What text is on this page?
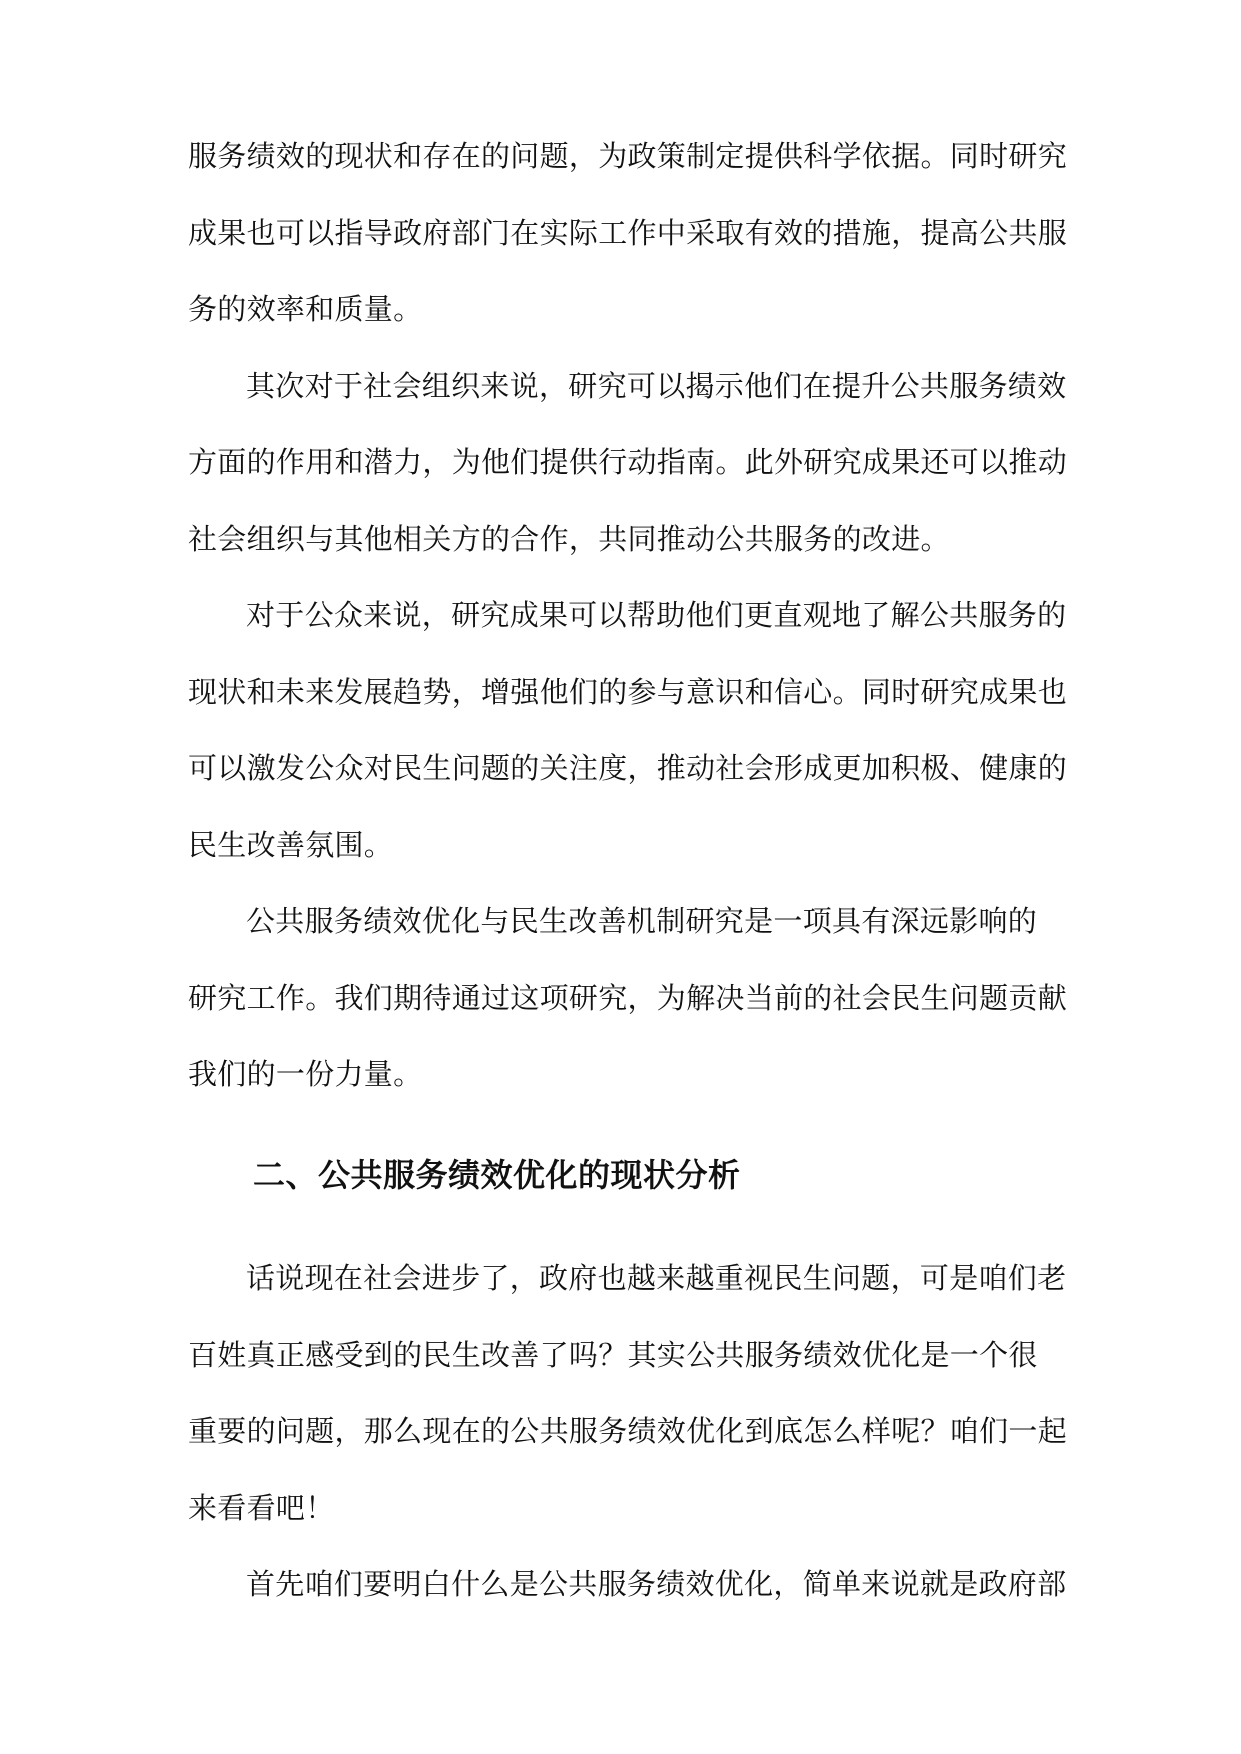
服务绩效的现状和存在的问题，为政策制定提供科学依据。同时研究
成果也可以指导政府部门在实际工作中采取有效的措施，提高公共服
务的效率和质量。
其次对于社会组织来说，研究可以揭示他们在提升公共服务绩效
方面的作用和潜力，为他们提供行动指南。此外研究成果还可以推动
社会组织与其他相关方的合作，共同推动公共服务的改进。
对于公众来说，研究成果可以帮助他们更直观地了解公共服务的
现状和未来发展趋势，增强他们的参与意识和信心。同时研究成果也
可以激发公众对民生问题的关注度，推动社会形成更加积极、健康的
民生改善氛围。
公共服务绩效优化与民生改善机制研究是一项具有深远影响的
研究工作。我们期待通过这项研究，为解决当前的社会民生问题贡献
我们的一份力量。
二、公共服务绩效优化的现状分析
话说现在社会进步了，政府也越来越重视民生问题，可是咱们老
百姓真正感受到的民生改善了吗？其实公共服务绩效优化是一个很
重要的问题，那么现在的公共服务绩效优化到底怎么样呢？咱们一起
来看看吧！
首先咱们要明白什么是公共服务绩效优化，简单来说就是政府部
